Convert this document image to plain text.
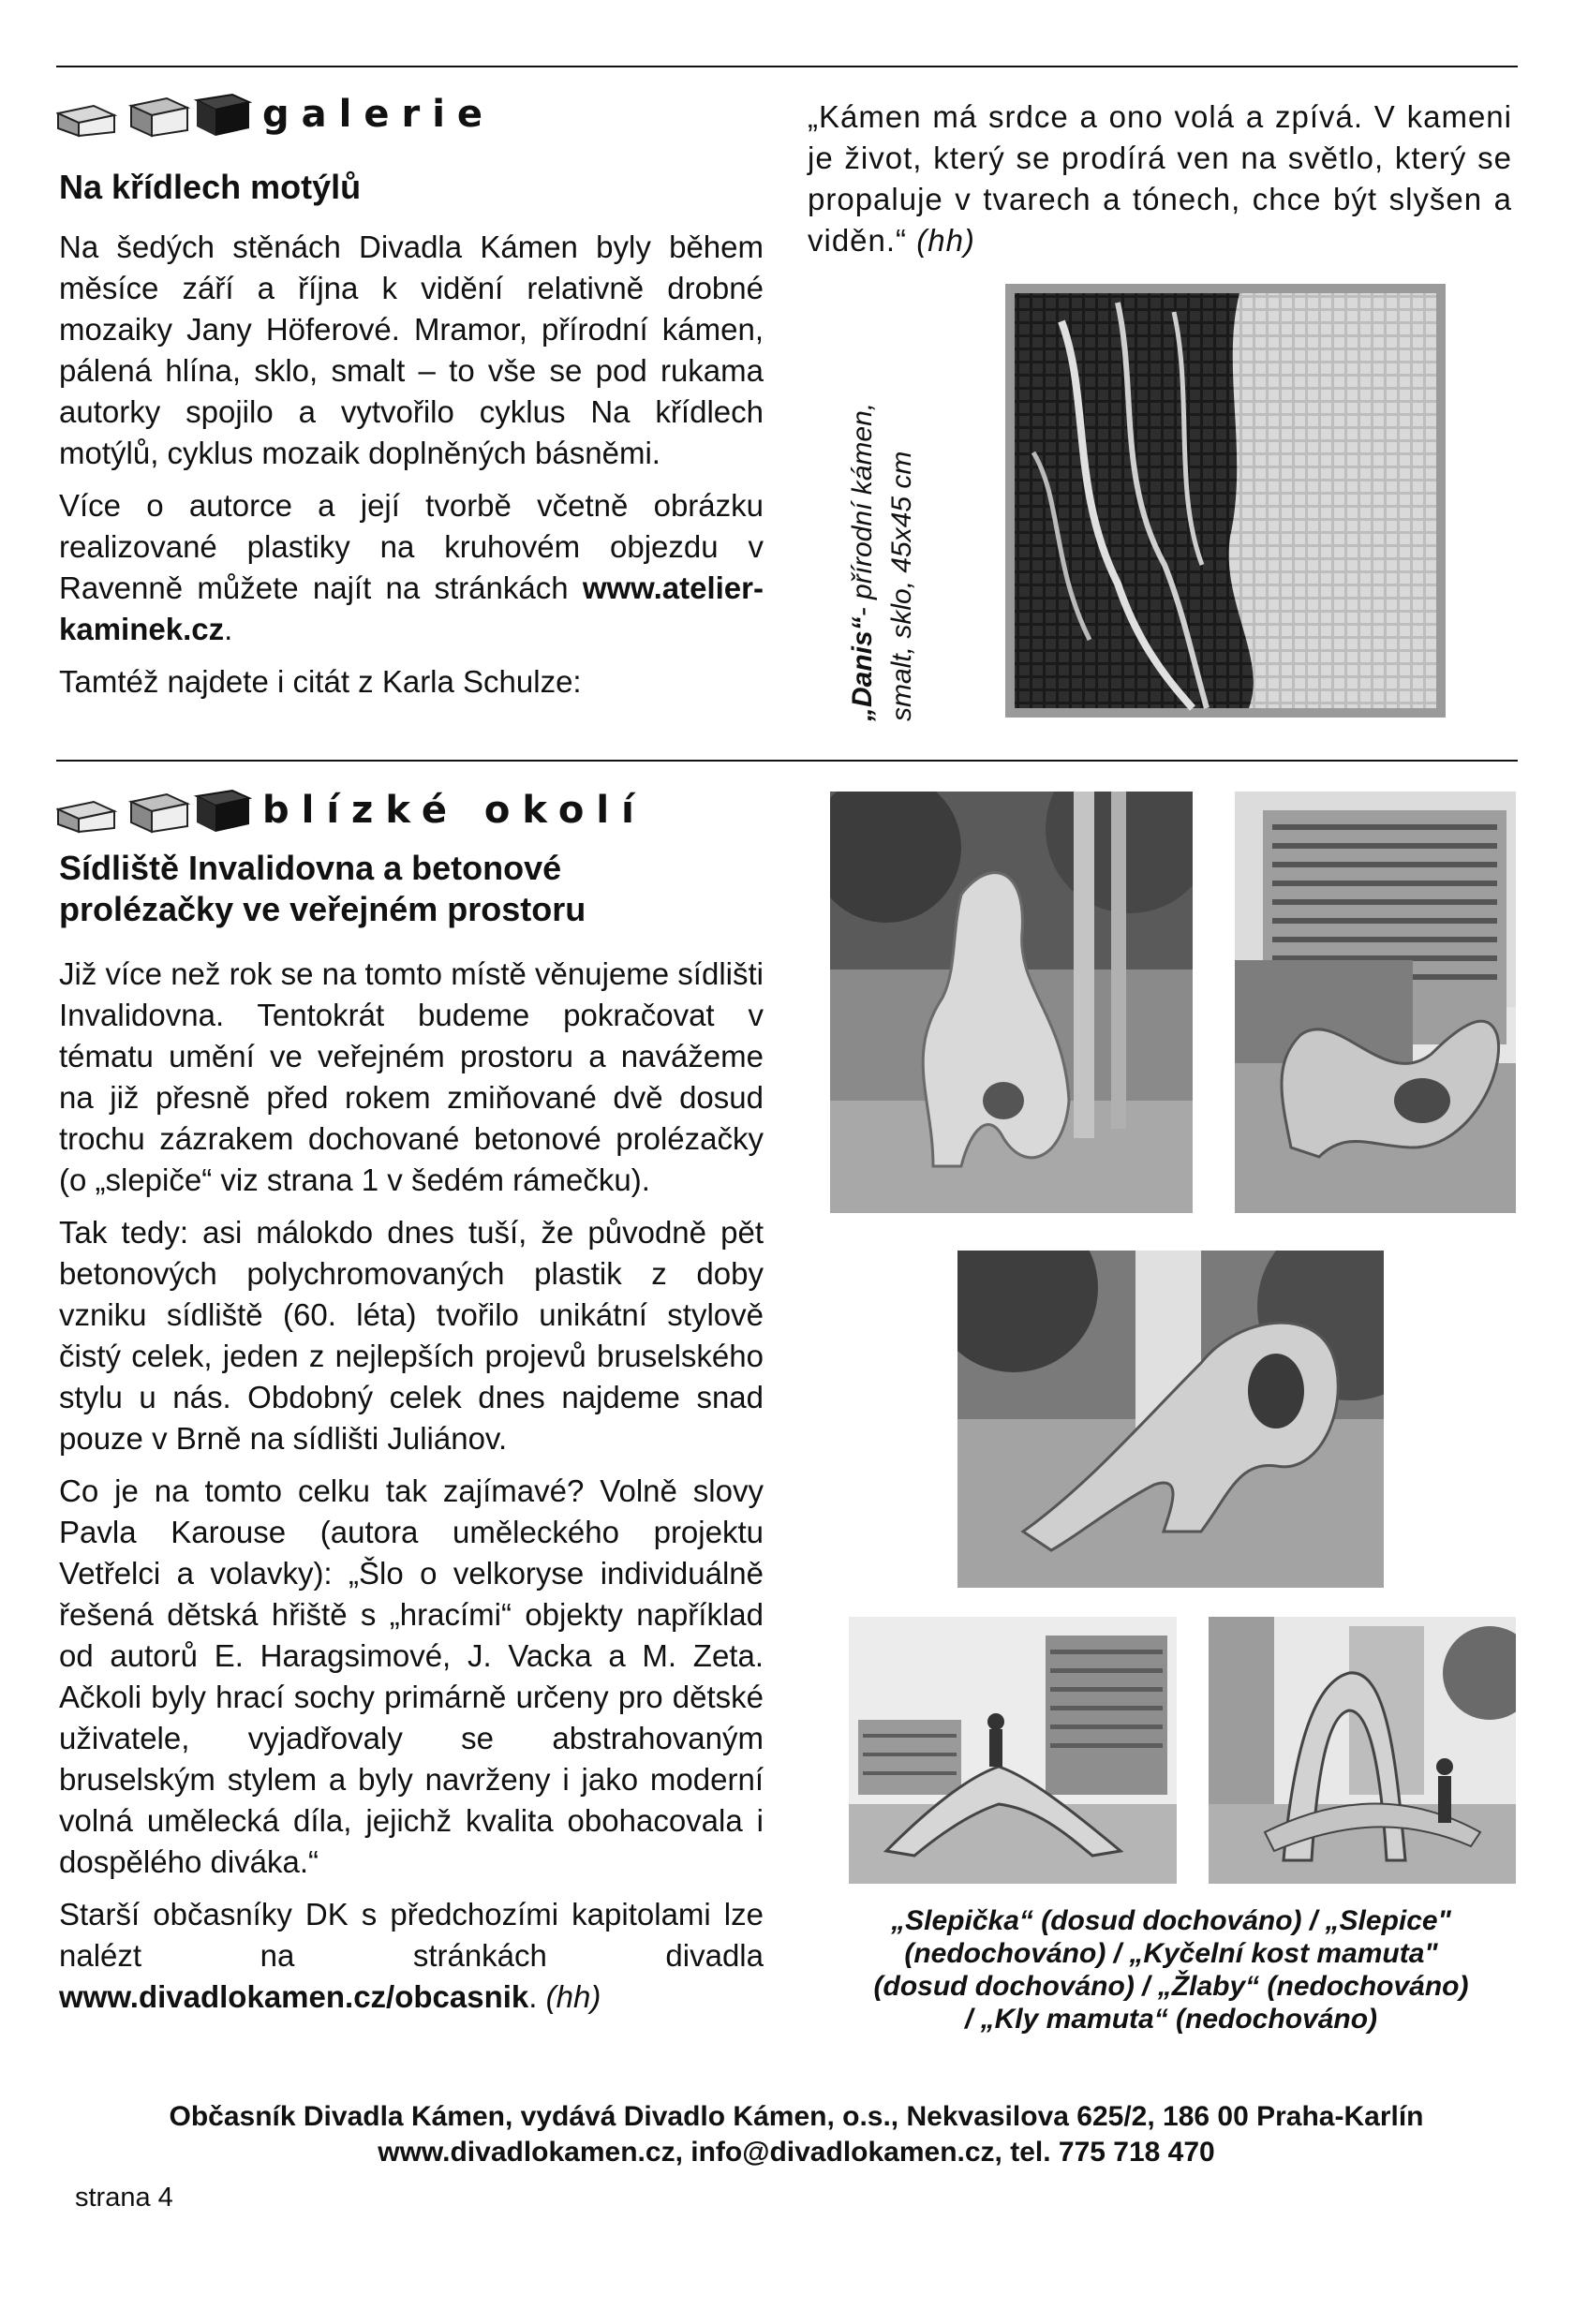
galerie
Na křídlech motýlů

Na šedých stěnách Divadla Kámen byly během měsíce září a října k vidění relativně drobné mozaiky Jany Höferové. Mramor, přírodní kámen, pálená hlína, sklo, smalt – to vše se pod rukama autorky spojilo a vytvořilo cyklus Na křídlech motýlů, cyklus mozaik doplněných básněmi.

Více o autorce a její tvorbě včetně obrázku realizované plastiky na kruhovém objezdu v Ravenně můžete najít na stránkách www.atelier-kaminek.cz.

Tamtéž najdete i citát z Karla Schulze:

„Kámen má srdce a ono volá a zpívá. V kameni je život, který se prodírá ven na světlo, který se propaluje v tvarech a tónech, chce být slyšen a viděn.“ (hh)
„Danis“- přírodní kámen, smalt, sklo, 45x45 cm
blízké okolí
Sídliště Invalidovna a betonové prolézačky ve veřejném prostoru

Již více než rok se na tomto místě věnujeme sídlišti Invalidovna. Tentokrát budeme pokračovat v tématu umění ve veřejném prostoru a navážeme na již přesně před rokem zmiňované dvě dosud trochu zázrakem dochované betonové prolézačky (o „slepiče“ viz strana 1 v šedém rámečku).

Tak tedy: asi málokdo dnes tuší, že původně pět betonových polychromovaných plastik z doby vzniku sídliště (60. léta) tvořilo unikátní stylově čistý celek, jeden z nejlepších projevů bruselského stylu u nás. Obdobný celek dnes najdeme snad pouze v Brně na sídlišti Juliánov.

Co je na tomto celku tak zajímavé? Volně slovy Pavla Karouse (autora uměleckého projektu Vetřelci a volavky): „Šlo o velkoryse individuálně řešená dětská hřiště s „hracími“ objekty například od autorů E. Haragsimové, J. Vacka a M. Zeta. Ačkoli byly hrací sochy primárně určeny pro dětské uživatele, vyjadřovaly se abstrahovaným bruselským stylem a byly navrženy i jako moderní volná umělecká díla, jejichž kvalita obohacovala i dospělého diváka.“

Starší občasníky DK s předchozími kapitolami lze nalézt na stránkách divadla www.divadlokamen.cz/obcasnik. (hh)

„Slepička“ (dosud dochováno) / „Slepice"
(nedochováno) / „Kyčelní kost mamuta"
(dosud dochováno) / „Žlaby“ (nedochováno)
/ „Kly mamuta“ (nedochováno)
Občasník Divadla Kámen, vydává Divadlo Kámen, o.s., Nekvasilova 625/2, 186 00 Praha-Karlín
www.divadlokamen.cz, info@divadlokamen.cz, tel. 775 718 470
strana 4
